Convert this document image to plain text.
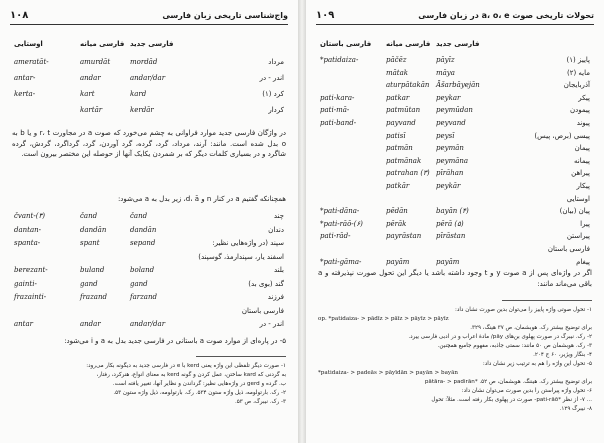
واج‌شناسی تاریخی زبان فارسی
۱۰۸
فارسی جدید
فارسی میانه
اوستایی
مرداد
mordād
amurdāt
ameratāt-
اندر - در
andar/dar
andar
antar-
کرد (۱)
kard
kart
kerta-
کردار
kerdār
kartār
در واژگان فارسی جدید موارد فراوانی به چشم می‌خورد که صوت a در مجاورت r، t و یا b به o بدل شده است. مانند: آرند، مرداد، گرد، گرده، گرد آوردن، گرد، گرداگرد، گردش، گرده شاگرد و در بسیاری کلمات دیگر که بر شمردن یکایک آنها از حوصله این مختصر بیرون است.
همچنانکه گفتیم a در کنار n و d، ā، زیر بدل به a می‌شود:
چند
čand
čand
čvant-(۳)
دندان
dandān
dandān
dantan-
سپند (در واژه‌هایی نظیر:
sepand
spant
spanta-
اسفند یار، سپندارمذ، گوسپند)
بلند
boland
buland
berezant-
گند (بوی بد)
gand
gand
gainti-
فرزند
farzand
frazand
frazainti-
فارسی باستان
اندر - در
andar/dar
andar
antar
۵- در پاره‌ای از موارد صوت a باستانی در فارسی جدید بدل به a و i می‌شود:
۱- صورت دیگر تلفظی این واژه یعنی kerd با e در فارسی جدید به دیگونه بکار می‌رود:
به گردنی که kard ساختن، عمل کردن و گونه kerd به معنای انواع، هنرکرد، رفتار،
ب. گرده و gerd در واژه‌هایی نظیر: گرداندن و نظایر آنها، تغییر یافته است.
۲- رک. بارتولومه، ذیل واژه ستون ۵۳۴. رک. بارتولومه، ذیل واژه ستون ۵۳.
۳- رک. نیبرگ، ص ۵۳.
تحولات تاریخی صوت a، o، e در زبان فارسی
۱۰۹
فارسی جدید
فارسی میانه
فارسی باستان
پاییز (۱)
pāyīz
pāčēz
*patidaiza-
مایه (۲)
māya
mātak
آذربایجان
Āšarbāyejān
aturpātakān
پیکر
peykar
patkar
pati-kara-
پیمودن
peymūdan
patmūtan
pati-mā-
پیوند
peyvand
payvand
pati-band-
پیسی (برص، پیس)
peysī
patisī
پیمان
peymān
patmān
پیمانه
peymāna
patmānak
پیراهن
pīrāhan
patrahan (۳)
پیکار
peykār
patkār
اوستایی
پیان (بیان)
bayān (۴)
pēdān
*pati-dāna-
پیرا
pērā (۵)
pērāk
*pati-rāō-(۶)
پیراستن
pīrāstan
payrāstan
pati-rād-
فارسی باستان
پیغام
payām
payām
*pati-gāma-
اگر در واژه‌ای پس از a صوت y و t وجود داشته باشد یا دیگر این تحول صورت نپذیرفته و a باقی می‌ماند مانند:
۱- تحول صوتی واژه پاییز را می‌توان بدین صورت نشان داد:
op. *patidaiza- > pādīz > pāīz > pāyīz > pāyīz
برای توضیح بیشتر رک. هوبشمان، ص ۳۷ هینگ، ۳۲۹.
۲- رک. نیبرگ در صورت پهلوی بن‌های pāy/ مادهٔ اعراب و در ادبی فارسی ییرد.
۳- رک. هوبشمان ص ۵۰ مانند: سمتی جاذبه، مفهوم جامیع همچنین.
۴- بنگار ویژیر، ۶۰ ج ۲۰۴.
۵- تحول این واژه را هم به ترتیب زیر نشان داد:
*patidaiza- > padeās > pāyīdān > payān > bayān
برای توضیح بیشتر رک. هیننگ. هوبشمان، ص ۵۲. *pātāra- > padirān
۶- تحول واژه پیراستن را بدین صورت می‌توان نشان داد:
... ۷- از نظر *pati-rāō- صورت در پهلوی بکار رفته است. مثلاً: تحول
۸- نیبرگ ۱۲۹.
